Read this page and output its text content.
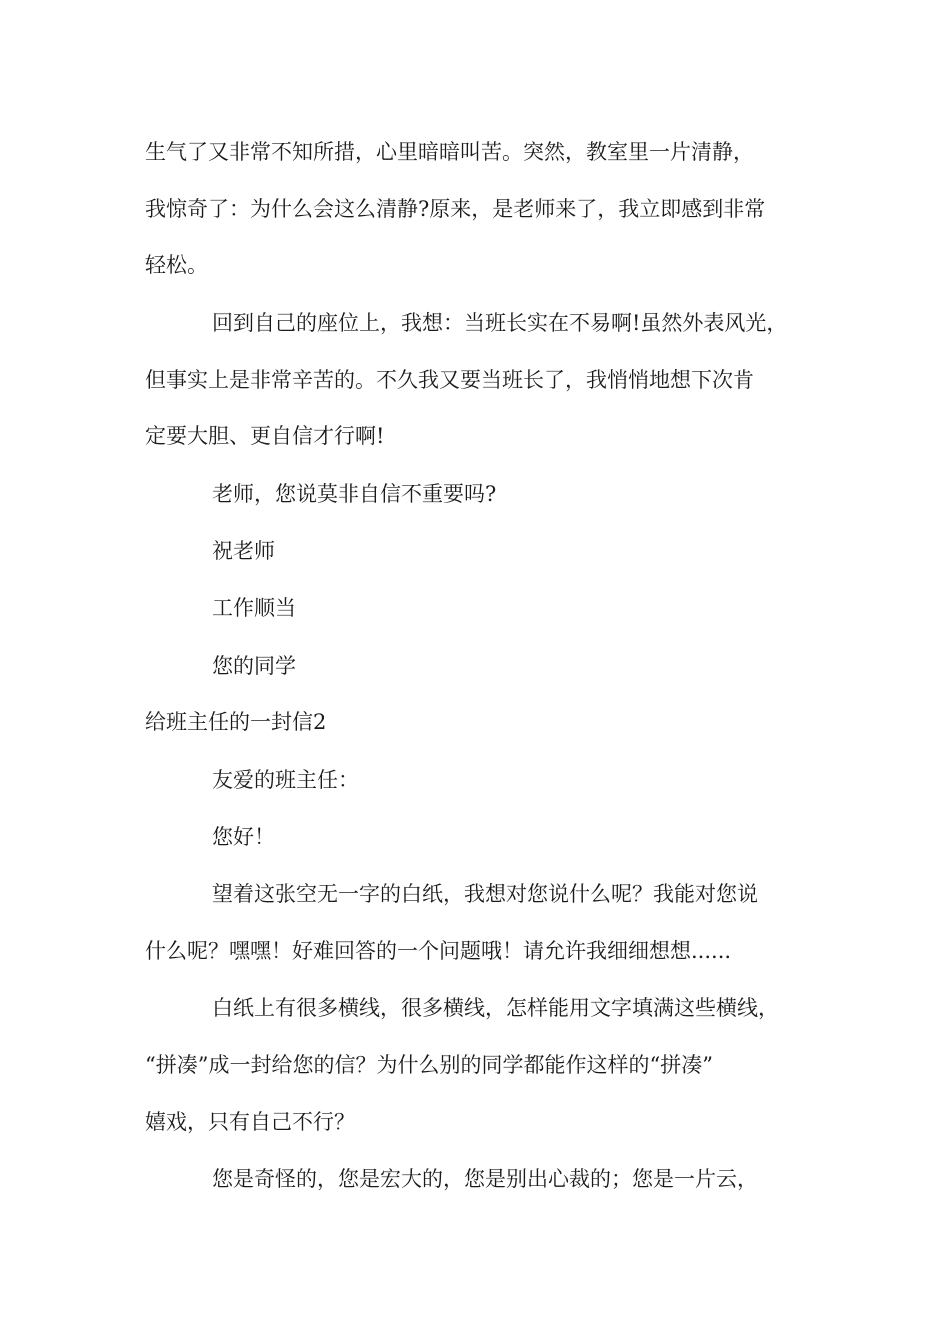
生气了又非常不知所措，心里暗暗叫苦。突然，教室里一片清静，
我惊奇了：为什么会这么清静?原来，是老师来了，我立即感到非常
轻松。
回到自己的座位上，我想：当班长实在不易啊!虽然外表风光，
但事实上是非常辛苦的。不久我又要当班长了，我悄悄地想下次肯
定要大胆、更自信才行啊!
老师，您说莫非自信不重要吗?
祝老师
工作顺当
您的同学
给班主任的一封信2
友爱的班主任：
您好！
望着这张空无一字的白纸，我想对您说什么呢？我能对您说
什么呢？嘿嘿！好难回答的一个问题哦！请允许我细细想想......
白纸上有很多横线，很多横线，怎样能用文字填满这些横线，
“拼凑”成一封给您的信？为什么别的同学都能作这样的“拼凑”
嬉戏，只有自己不行？
您是奇怪的，您是宏大的，您是别出心裁的；您是一片云，
